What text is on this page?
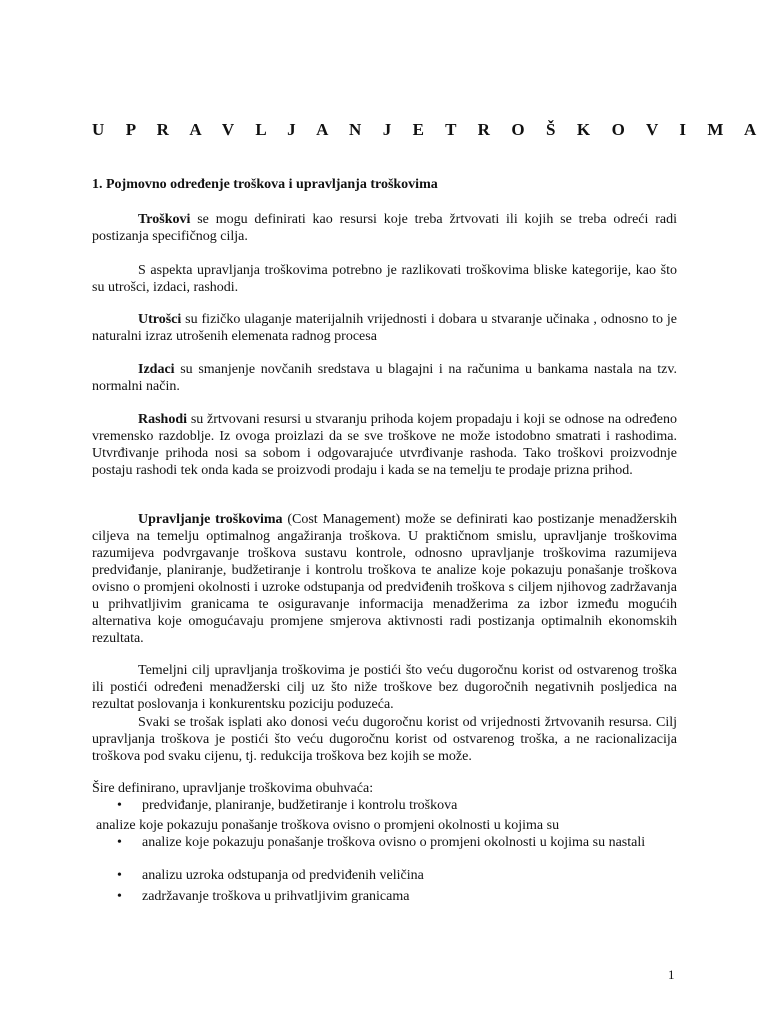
U P R A V L J A N J E T R O Š K O V I M A
1. Pojmovno određenje troškova i upravljanja troškovima

Troškovi se mogu definirati kao resursi koje treba žrtvovati ili kojih se treba odreći radi postizanja specifičnog cilja.

S aspekta upravljanja troškovima potrebno je razlikovati troškovima bliske kategorije, kao što su utrošci, izdaci, rashodi.

Utrošci su fizičko ulaganje materijalnih vrijednosti i dobara u stvaranje učinaka , odnosno to je naturalni izraz utrošenih elemenata radnog procesa

Izdaci su smanjenje novčanih sredstava u blagajni i na računima u bankama nastala na tzv. normalni način.

Rashodi su žrtvovani resursi u stvaranju prihoda kojem propadaju i koji se odnose na određeno vremensko razdoblje. Iz ovoga proizlazi da se sve troškove ne može istodobno smatrati i rashodima. Utvrđivanje prihoda nosi sa sobom i odgovarajuće utvrđivanje rashoda. Tako troškovi proizvodnje postaju rashodi tek onda kada se proizvodi prodaju i kada se na temelju te prodaje prizna prihod.

Upravljanje troškovima (Cost Management) može se definirati kao postizanje menadžerskih ciljeva na temelju optimalnog angažiranja troškova. U praktičnom smislu, upravljanje troškovima razumijeva podvrgavanje troškova sustavu kontrole, odnosno upravljanje troškovima razumijeva predviđanje, planiranje, budžetiranje i kontrolu troškova te analize koje pokazuju ponašanje troškova ovisno o promjeni okolnosti i uzroke odstupanja od predviđenih troškova s ciljem njihovog zadržavanja u prihvatljivim granicama te osiguravanje informacija menadžerima za izbor između mogućih alternativa koje omogućavaju promjene smjerova aktivnosti radi postizanja optimalnih ekonomskih rezultata.

Temeljni cilj upravljanja troškovima je postići što veću dugoročnu korist od ostvarenog troška ili postići određeni menadžerski cilj uz što niže troškove bez dugoročnih negativnih posljedica na rezultat poslovanja i konkurentsku poziciju poduzeća.

Svaki se trošak isplati ako donosi veću dugoročnu korist od vrijednosti žrtvovanih resursa. Cilj upravljanja troškova je postići što veću dugoročnu korist od ostvarenog troška, a ne racionalizacija troškova pod svaku cijenu, tj. redukcija troškova bez kojih se može.

Šire definirano, upravljanje troškovima obuhvaća:
• predviđanje, planiranje, budžetiranje i kontrolu troškova
analize koje pokazuju ponašanje troškova ovisno o promjeni okolnosti u kojima su
• analize koje pokazuju ponašanje troškova ovisno o promjeni okolnosti u kojima su nastali
• analizu uzroka odstupanja od predviđenih veličina
• zadržavanje troškova u prihvatljivim granicama
1
